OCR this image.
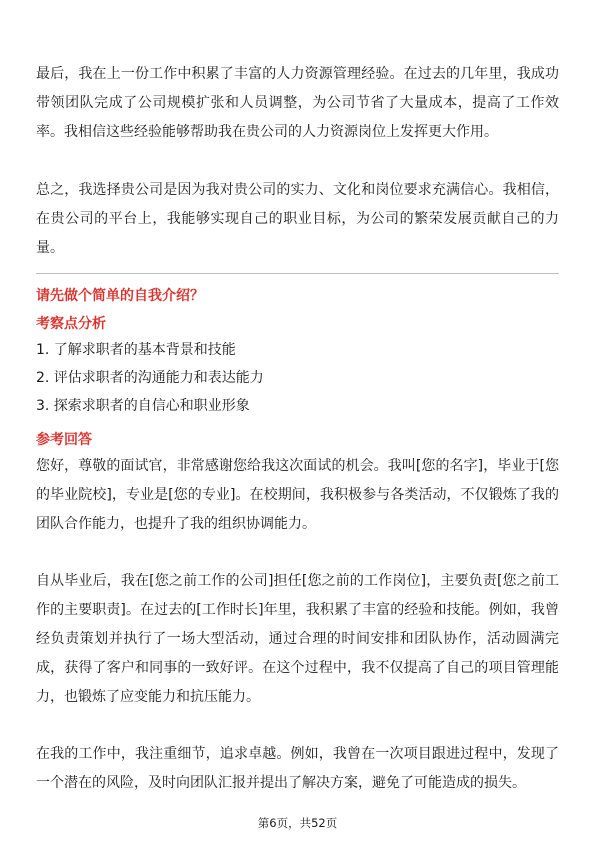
最后，我在上一份工作中积累了丰富的人力资源管理经验。在过去的几年里，我成功带领团队完成了公司规模扩张和人员调整，为公司节省了大量成本，提高了工作效率。我相信这些经验能够帮助我在贵公司的人力资源岗位上发挥更大作用。

总之，我选择贵公司是因为我对贵公司的实力、文化和岗位要求充满信心。我相信，在贵公司的平台上，我能够实现自己的职业目标，为公司的繁荣发展贡献自己的力量。

请先做个简单的自我介绍？

考察点分析

1. 了解求职者的基本背景和技能

2. 评估求职者的沟通能力和表达能力

3. 探索求职者的自信心和职业形象

参考回答

您好，尊敬的面试官，非常感谢您给我这次面试的机会。我叫[您的名字]，毕业于[您的毕业院校]，专业是[您的专业]。在校期间，我积极参与各类活动，不仅锻炼了我的团队合作能力，也提升了我的组织协调能力。

自从毕业后，我在[您之前工作的公司]担任[您之前的工作岗位]，主要负责[您之前工作的主要职责]。在过去的[工作时长]年里，我积累了丰富的经验和技能。例如，我曾经负责策划并执行了一场大型活动，通过合理的时间安排和团队协作，活动圆满完成，获得了客户和同事的一致好评。在这个过程中，我不仅提高了自己的项目管理能力，也锻炼了应变能力和抗压能力。

在我的工作中，我注重细节，追求卓越。例如，我曾在一次项目跟进过程中，发现了一个潜在的风险，及时向团队汇报并提出了解决方案，避免了可能造成的损失。

第6页，共52页
